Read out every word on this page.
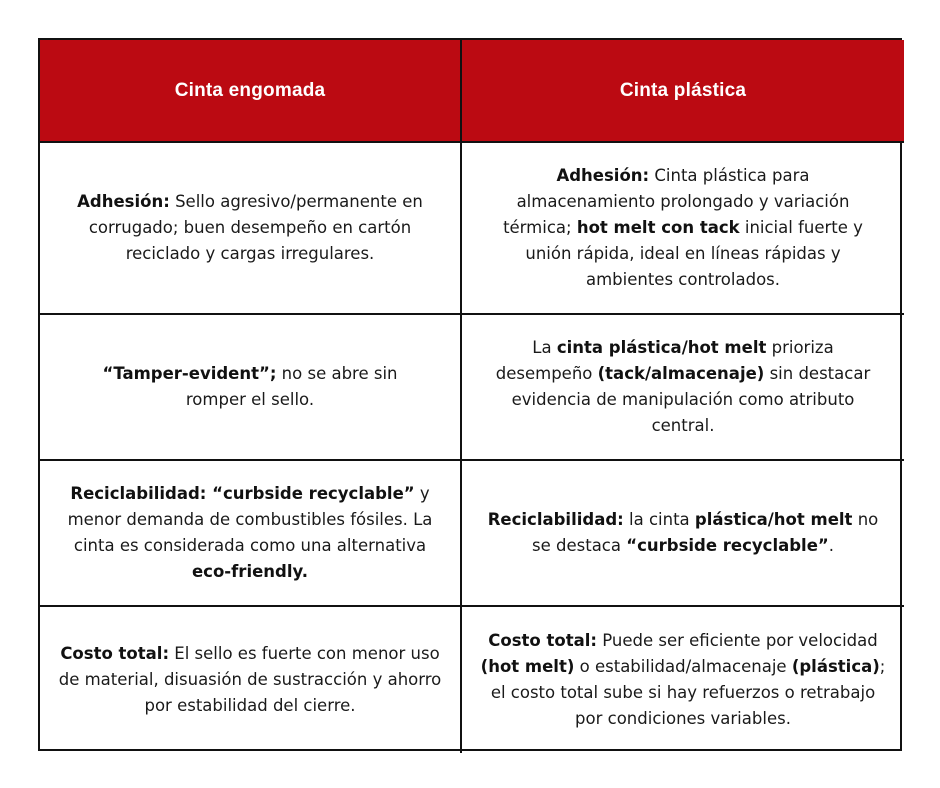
Cinta engomada	Cinta plástica

Adhesión: Sello agresivo/permanente en corrugado; buen desempeño en cartón reciclado y cargas irregulares.

Adhesión: Cinta plástica para almacenamiento prolongado y variación térmica; hot melt con tack inicial fuerte y unión rápida, ideal en líneas rápidas y ambientes controlados.

“Tamper-evident”; no se abre sin romper el sello.

La cinta plástica/hot melt prioriza desempeño (tack/almacenaje) sin destacar evidencia de manipulación como atributo central.

Reciclabilidad: “curbside recyclable” y menor demanda de combustibles fósiles. La cinta es considerada como una alternativa eco-friendly.

Reciclabilidad: la cinta plástica/hot melt no se destaca “curbside recyclable”.

Costo total: El sello es fuerte con menor uso de material, disuasión de sustracción y ahorro por estabilidad del cierre.

Costo total: Puede ser eficiente por velocidad (hot melt) o estabilidad/almacenaje (plástica); el costo total sube si hay refuerzos o retrabajo por condiciones variables.
